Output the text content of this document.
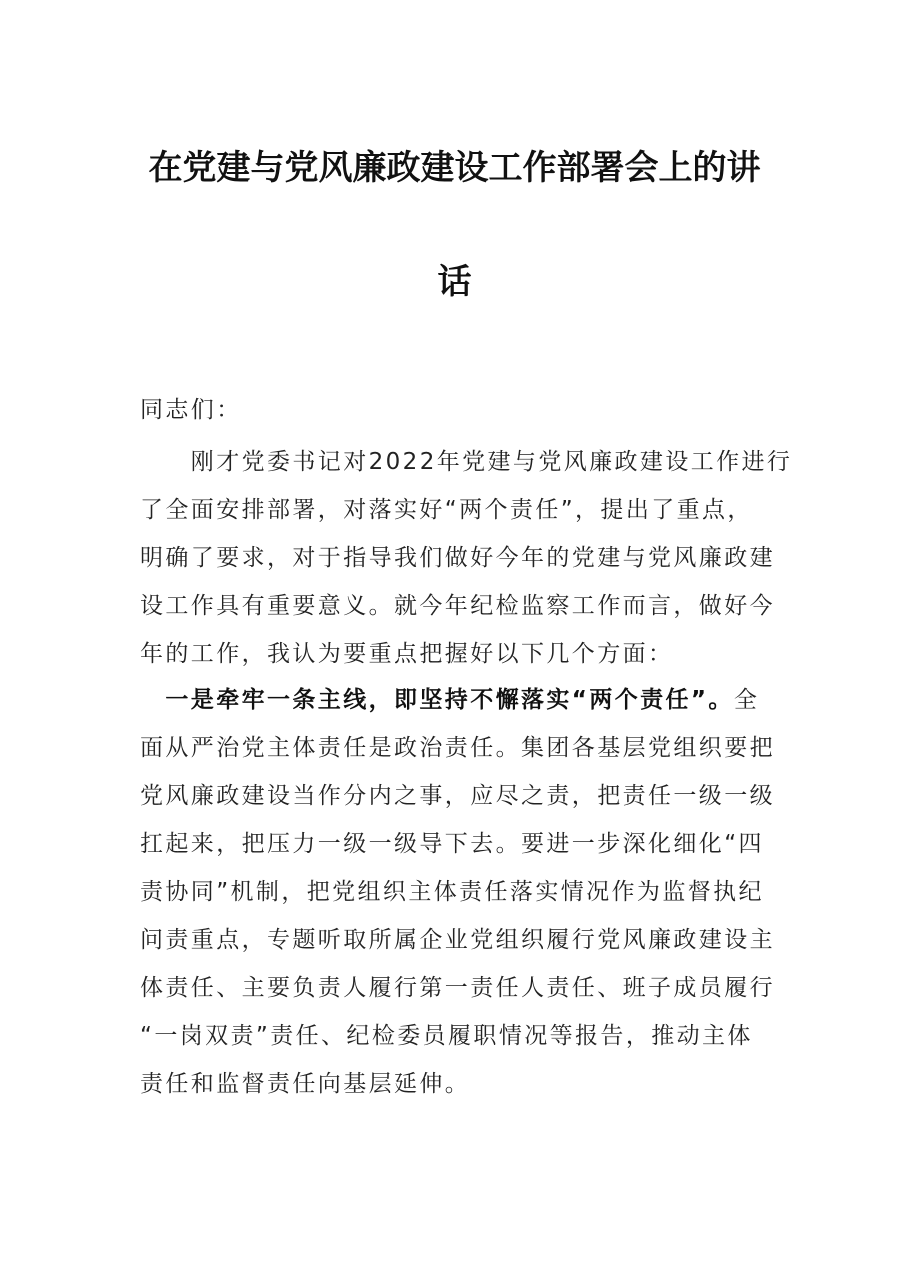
在党建与党风廉政建设工作部署会上的讲
话
同志们：
　　刚才党委书记对2022年党建与党风廉政建设工作进行
了全面安排部署，对落实好“两个责任”，提出了重点，
明确了要求，对于指导我们做好今年的党建与党风廉政建
设工作具有重要意义。就今年纪检监察工作而言，做好今
年的工作，我认为要重点把握好以下几个方面：
　一是牵牢一条主线，即坚持不懈落实“两个责任”。全
面从严治党主体责任是政治责任。集团各基层党组织要把
党风廉政建设当作分内之事，应尽之责，把责任一级一级
扛起来，把压力一级一级导下去。要进一步深化细化“四
责协同”机制，把党组织主体责任落实情况作为监督执纪
问责重点，专题听取所属企业党组织履行党风廉政建设主
体责任、主要负责人履行第一责任人责任、班子成员履行
“一岗双责”责任、纪检委员履职情况等报告，推动主体
责任和监督责任向基层延伸。
